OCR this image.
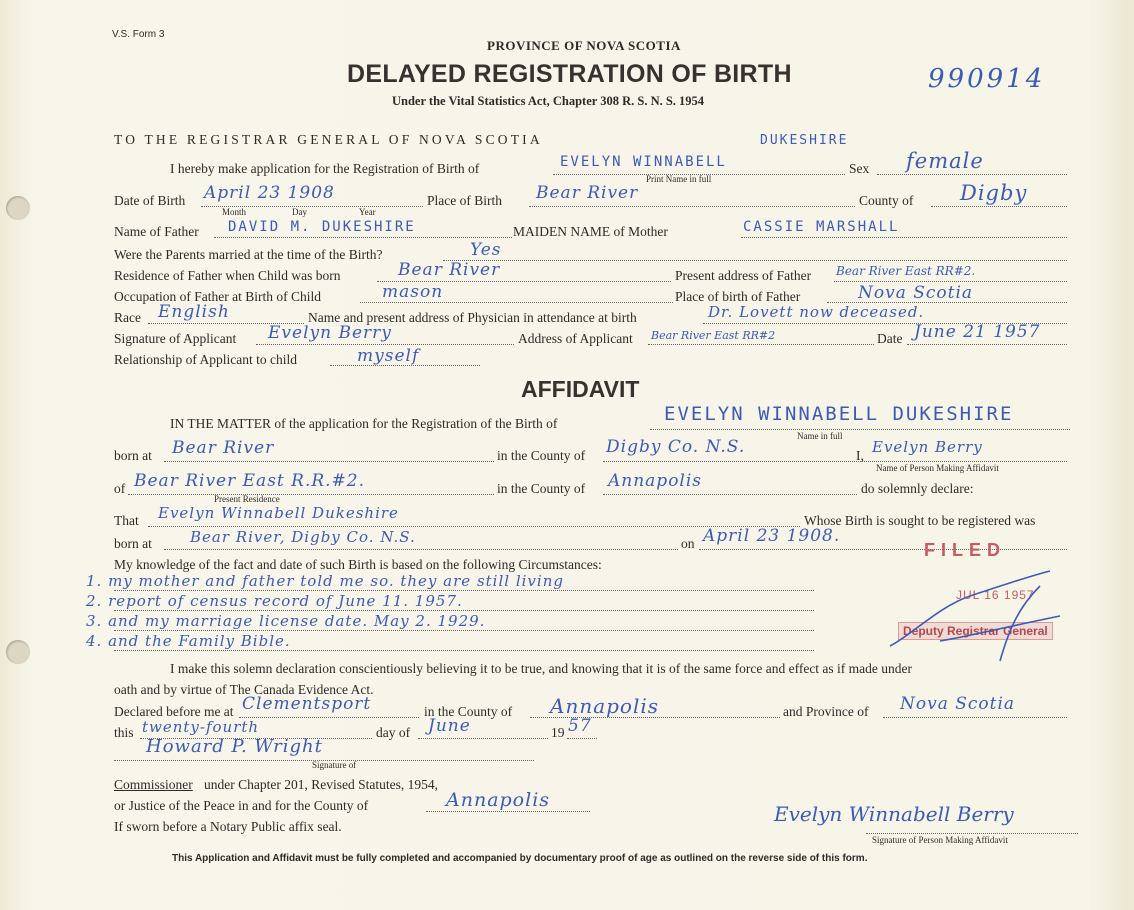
V.S. Form 3
PROVINCE OF NOVA SCOTIA
DELAYED REGISTRATION OF BIRTH
Under the Vital Statistics Act, Chapter 308 R. S. N. S. 1954
990914
TO THE REGISTRAR GENERAL OF NOVA SCOTIA
I hereby make application for the Registration of Birth of	EVELYN WINNABELL
DUKESHIRE
Print Name in full
Sex female
Date of Birth April 23 1908
Month	Day	Year
Place of Birth Bear River	County of Digby
Name of Father DAVID M. DUKESHIRE	MAIDEN NAME of Mother	CASSIE MARSHALL
Were the Parents married at the time of the Birth?	Yes
Residence of Father when Child was born	Bear River	Present address of Father Bear River East RR#2.
Occupation of Father at Birth of Child	mason	Place of birth of Father	Nova Scotia
Race English	Name and present address of Physician in attendance at birth	Dr. Lovett now deceased.
Signature of Applicant Evelyn Berry	Address of Applicant Bear River East RR#2	Date June 21 1957
Relationship of Applicant to child	myself
AFFIDAVIT
IN THE MATTER of the application for the Registration of the Birth of	EVELYN WINNABELL DUKESHIRE
Name in full
born at Bear River	in the County of Digby Co. N.S.	I, Evelyn Berry
Name of Person Making Affidavit
of Bear River East R.R.#2.
Present Residence
in the County of Annapolis	do solemnly declare:
That Evelyn Winnabell Dukeshire	Whose Birth is sought to be registered was
born at	Bear River, Digby Co. N.S.	on April 23 1908.
My knowledge of the fact and date of such Birth is based on the following Circumstances:
1. my mother and father told me so. they are still living
2. report of census record of June 11. 1957.
3. and my marriage license date. May 2. 1929.
4. and the Family Bible.
FILED
JUL 16 1957
Deputy Registrar General
I make this solemn declaration conscientiously believing it to be true, and knowing that it is of the same force and effect as if made under
oath and by virtue of The Canada Evidence Act.
Declared before me at Clementsport	in the County of Annapolis	and Province of Nova Scotia
this twenty-fourth	day of June	19 57
Howard P. Wright
Signature of
Commissioner under Chapter 201, Revised Statutes, 1954,
or Justice of the Peace in and for the County of	Annapolis
If sworn before a Notary Public affix seal.
Evelyn Winnabell Berry
Signature of Person Making Affidavit
This Application and Affidavit must be fully completed and accompanied by documentary proof of age as outlined on the reverse side of this form.
